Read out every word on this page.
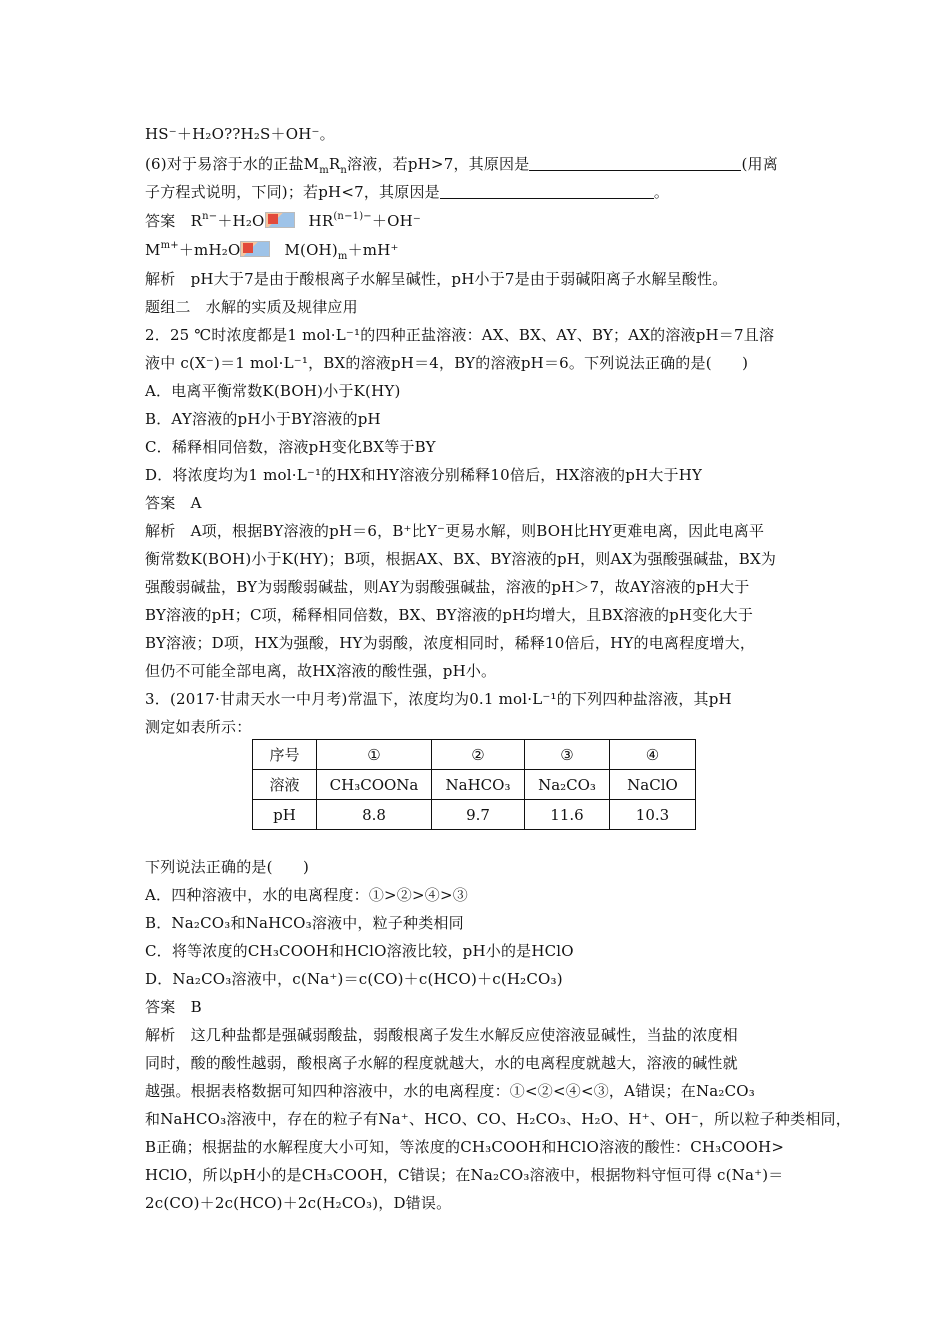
HS⁻＋H₂O??H₂S＋OH⁻。
(6)对于易溶于水的正盐$M_mR_n$溶液，若pH>7，其原因是	(用离
子方程式说明，下同)；若pH<7，其原因是	。
答案　 $R^{n-}+H_2O$	$HR^{(n-1)-}+OH^-$
$M^{m+}+mH_2O$	$M(OH)_m+mH^+$
解析　pH大于7是由于酸根离子水解呈碱性，pH小于7是由于弱碱阳离子水解呈酸性。
题组二　水解的实质及规律应用
2．25 ℃时浓度都是1 mol·L⁻¹的四种正盐溶液：AX、BX、AY、BY；AX的溶液pH＝7且溶
液中 c(X⁻)＝1 mol·L⁻¹，BX的溶液pH＝4，BY的溶液pH＝6。下列说法正确的是(　　)
A．电离平衡常数K(BOH)小于K(HY)
B．AY溶液的pH小于BY溶液的pH
C．稀释相同倍数，溶液pH变化BX等于BY
D．将浓度均为1 mol·L⁻¹的HX和HY溶液分别稀释10倍后，HX溶液的pH大于HY
答案　A
解析　A项，根据BY溶液的pH＝6，B⁺比Y⁻更易水解，则BOH比HY更难电离，因此电离平
衡常数K(BOH)小于K(HY)；B项，根据AX、BX、BY溶液的pH，则AX为强酸强碱盐，BX为
强酸弱碱盐，BY为弱酸弱碱盐，则AY为弱酸强碱盐，溶液的pH＞7，故AY溶液的pH大于
BY溶液的pH；C项，稀释相同倍数，BX、BY溶液的pH均增大，且BX溶液的pH变化大于
BY溶液；D项，HX为强酸，HY为弱酸，浓度相同时，稀释10倍后，HY的电离程度增大，
但仍不可能全部电离，故HX溶液的酸性强，pH小。
3．(2017·甘肃天水一中月考)常温下，浓度均为0.1 mol·L⁻¹的下列四种盐溶液，其pH
测定如表所示：
序号	①	②	③	④
溶液	CH₃COONa	NaHCO₃	Na₂CO₃	NaClO
pH	8.8	9.7	11.6	10.3
下列说法正确的是(　　)
A．四种溶液中，水的电离程度：①>②>④>③
B．Na₂CO₃和NaHCO₃溶液中，粒子种类相同
C．将等浓度的CH₃COOH和HClO溶液比较，pH小的是HClO
D．Na₂CO₃溶液中，c(Na⁺)＝c(CO)＋c(HCO)＋c(H₂CO₃)
答案　B
解析　这几种盐都是强碱弱酸盐，弱酸根离子发生水解反应使溶液显碱性，当盐的浓度相
同时，酸的酸性越弱，酸根离子水解的程度就越大，水的电离程度就越大，溶液的碱性就
越强。根据表格数据可知四种溶液中，水的电离程度：①<②<④<③，A错误；在Na₂CO₃
和NaHCO₃溶液中，存在的粒子有Na⁺、HCO、CO、H₂CO₃、H₂O、H⁺、OH⁻，所以粒子种类相同，
B正确；根据盐的水解程度大小可知，等浓度的CH₃COOH和HClO溶液的酸性：CH₃COOH>
HClO，所以pH小的是CH₃COOH，C错误；在Na₂CO₃溶液中，根据物料守恒可得 c(Na⁺)＝
2c(CO)＋2c(HCO)＋2c(H₂CO₃)，D错误。
